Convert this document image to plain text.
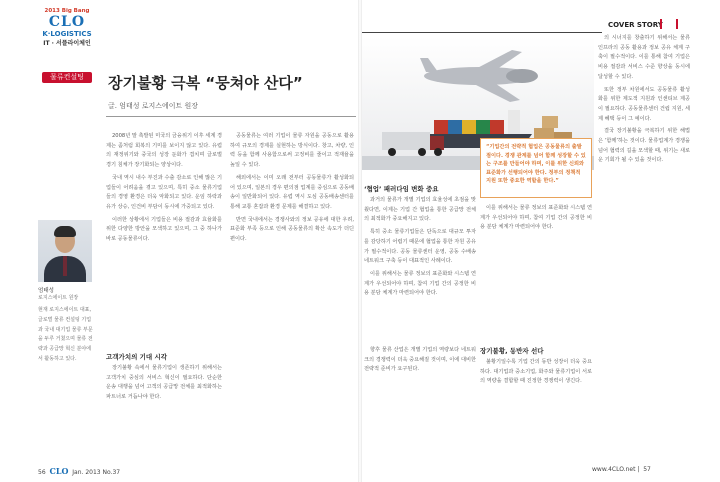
2013 Big Bang
CLO
K·LOGISTICS
IT · 서플라이체인
물류컨설팅	장기불황 극복 “뭉쳐야 산다”
글. 엄태성 로지스에이트 원장
엄태성
로지스에이트 원장
현재 로지스에이트 대표, 글로벌 물류 컨설팅 기업과 국내 대기업 물류 부문을 두루 거쳤으며 물류 전략과 공급망 혁신 분야에서 활동하고 있다.

2008년 말 촉발된 미국의 금융위기 이후 세계 경제는 좀처럼 회복의 기미를 보이지 않고 있다. 유럽의 재정위기와 중국의 성장 둔화가 겹치며 글로벌 경기 침체가 장기화되는 양상이다.

국내 역시 내수 부진과 수출 감소로 인해 많은 기업들이 어려움을 겪고 있으며, 특히 중소 물류기업들의 경영 환경은 더욱 악화되고 있다. 운임 하락과 유가 상승, 인건비 부담이 동시에 가중되고 있다.

이러한 상황에서 기업들은 비용 절감과 효율화를 위한 다양한 방안을 모색하고 있으며, 그 중 하나가 바로 공동물류이다.

고객가치의 기대 시각

장기불황 속에서 물류기업이 생존하기 위해서는 고객가치 중심의 서비스 혁신이 필요하다. 단순한 운송 대행을 넘어 고객의 공급망 전체를 최적화하는 파트너로 거듭나야 한다.

공동물류는 여러 기업이 물류 자원을 공동으로 활용하여 규모의 경제를 실현하는 방식이다. 창고, 차량, 인력 등을 함께 사용함으로써 고정비를 줄이고 적재율을 높일 수 있다.

해외에서는 이미 오래 전부터 공동물류가 활성화되어 있으며, 일본의 경우 편의점 업계를 중심으로 공동배송이 일반화되어 있다. 유럽 역시 도심 공동배송센터를 통해 교통 혼잡과 환경 문제를 해결하고 있다.

반면 국내에서는 경쟁사와의 정보 공유에 대한 우려, 표준화 부족 등으로 인해 공동물류의 확산 속도가 더딘 편이다.

56 CLO Jan. 2013 No.37
COVER STORY
“기업간의 전략적 협업은 공동물류의 출발점이다. 경쟁 관계를 넘어 함께 성장할 수 있는 구조를 만들어야 하며, 이를 위한 신뢰와 표준화가 선행되어야 한다. 정부의 정책적 지원 또한 중요한 역할을 한다.”
‘협업’ 패러다임 변화 중요

과거의 물류가 개별 기업의 효율성에 초점을 맞췄다면, 이제는 기업 간 협업을 통한 공급망 전체의 최적화가 중요해지고 있다.

특히 중소 물류기업들은 단독으로 대규모 투자를 감당하기 어렵기 때문에 협업을 통한 자원 공유가 필수적이다. 공동 물류센터 운영, 공동 수배송 네트워크 구축 등이 대표적인 사례이다.

이를 위해서는 물류 정보의 표준화와 시스템 연계가 우선되어야 하며, 참여 기업 간의 공정한 비용 분담 체계가 마련되어야 한다.

이를 위해서는 물류 정보의 표준화와 시스템 연계가 우선되어야 하며, 참여 기업 간의 공정한 비용 분담 체계가 마련되어야 한다.

장기불황, 동반자 선다

불황기일수록 기업 간의 동반 성장이 더욱 중요하다. 대기업과 중소기업, 화주와 물류기업이 서로의 역량을 결합할 때 진정한 경쟁력이 생긴다.

향후 물류 산업은 개별 기업의 역량보다 네트워크의 경쟁력이 더욱 중요해질 것이며, 이에 대비한 전략적 준비가 요구된다.

의 시너지를 창출하기 위해서는 물류 인프라의 공동 활용과 정보 공유 체계 구축이 필수적이다. 이를 통해 참여 기업은 비용 절감과 서비스 수준 향상을 동시에 달성할 수 있다.

또한 정부 차원에서도 공동물류 활성화를 위한 제도적 지원과 인센티브 제공이 필요하다. 공동물류센터 건립 지원, 세제 혜택 등이 그 예이다.

결국 장기불황을 극복하기 위한 해법은 ‘함께’하는 것이다. 물류업계가 경쟁을 넘어 협력의 길을 모색할 때, 위기는 새로운 기회가 될 수 있을 것이다.

www.4CLO.net |  57
